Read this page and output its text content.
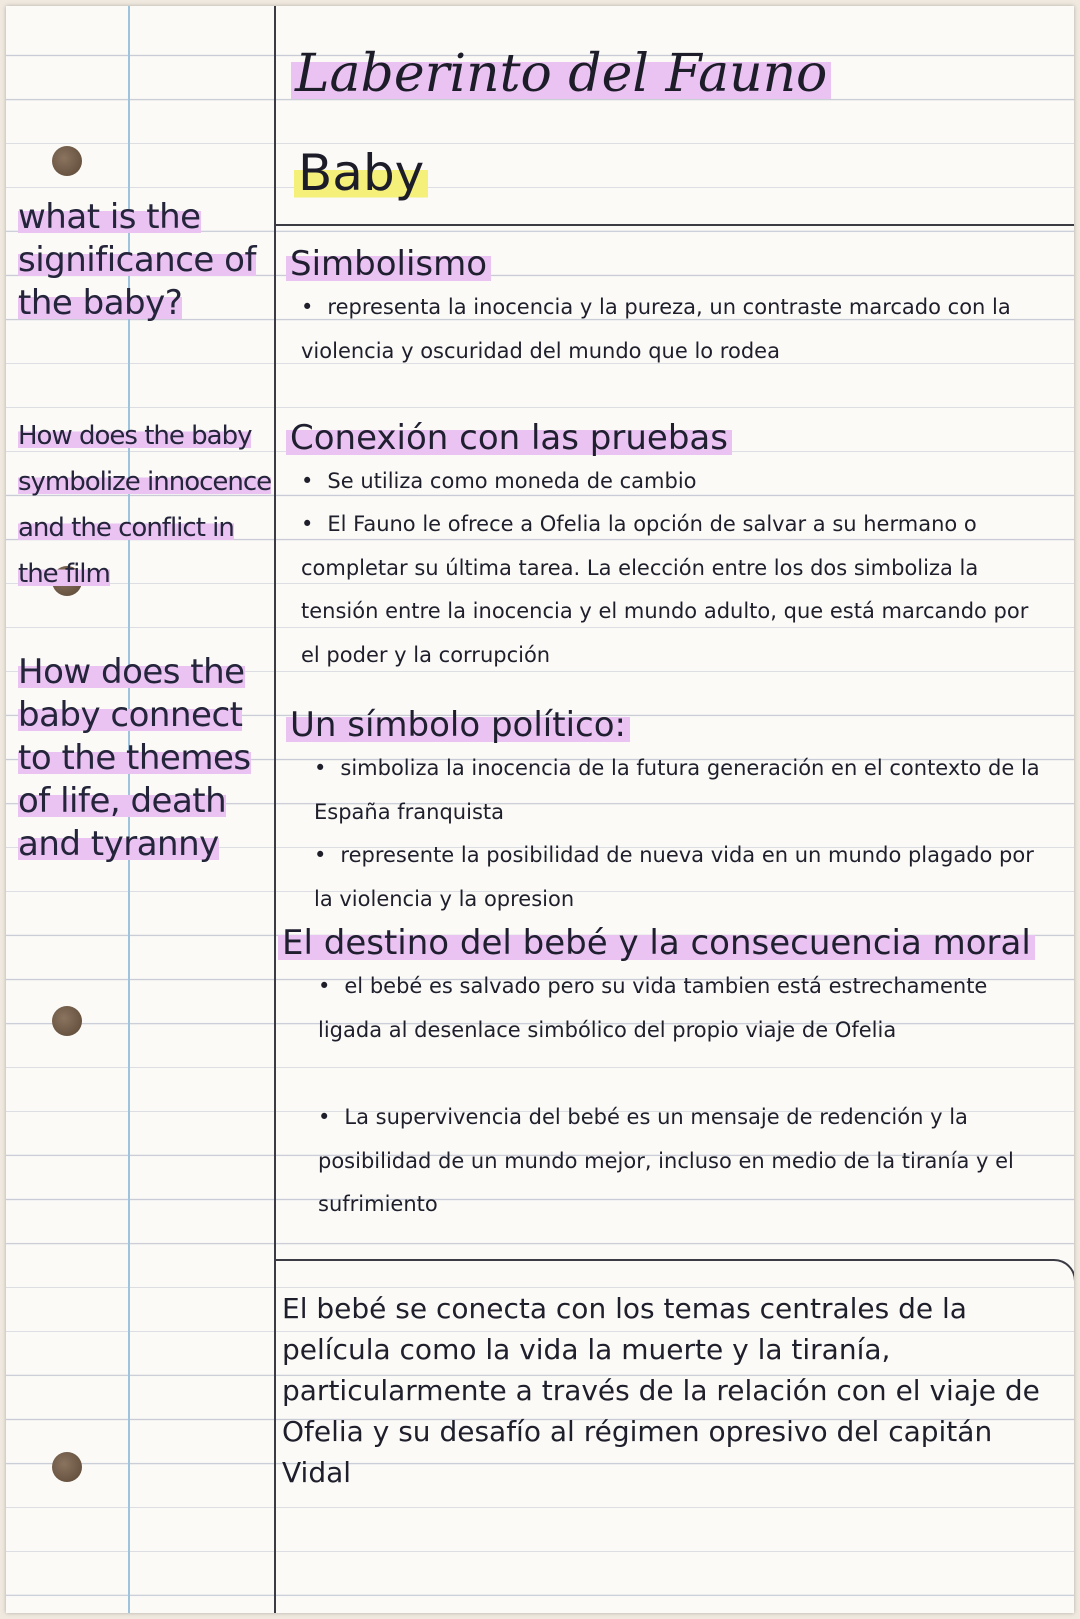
Laberinto del Fauno
Baby
what is the significance of the baby?
How does the baby symbolize innocence and the conflict in the film
How does the baby connect to the themes of life, death and tyranny
Simbolismo
• representa la inocencia y la pureza, un contraste marcado con la violencia y oscuridad del mundo que lo rodea
Conexión con las pruebas
• Se utiliza como moneda de cambio
• El Fauno le ofrece a Ofelia la opción de salvar a su hermano o completar su última tarea. La elección entre los dos simboliza la tensión entre la inocencia y el mundo adulto, que está marcando por el poder y la corrupción
Un símbolo político:
• simboliza la inocencia de la futura generación en el contexto de la España franquista
• represente la posibilidad de nueva vida en un mundo plagado por la violencia y la opresion
El destino del bebé y la consecuencia moral
• el bebé es salvado pero su vida tambien está estrechamente ligada al desenlace simbólico del propio viaje de Ofelia
• La supervivencia del bebé es un mensaje de redención y la posibilidad de un mundo mejor, incluso en medio de la tiranía y el sufrimiento
El bebé se conecta con los temas centrales de la película como la vida la muerte y la tiranía, particularmente a través de la relación con el viaje de Ofelia y su desafío al régimen opresivo del capitán Vidal
